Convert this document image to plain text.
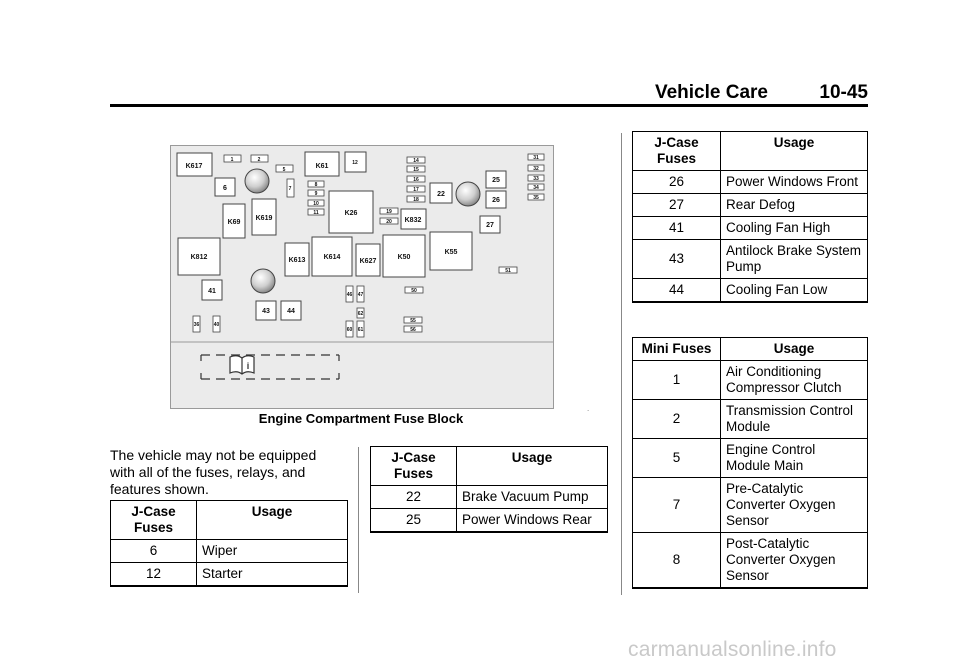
Vehicle Care	10-45
K617	K61
K26
K69
K619
K812	K613	K614
K627
K50
K55
K832
6
22
25
26
27
41
43 44
12
1	2
5
7
8
9
10
11
14
15
16
17
18
19
20
31
32
33
34
35
36	40
46 47
50
51
55
56
60 61
62
i
Engine Compartment Fuse Block
.
The vehicle may not be equipped with all of the fuses, relays, and features shown.
J-Case Fuses	Usage
6	Wiper
12	Starter
J-Case Fuses	Usage
22	Brake Vacuum Pump
25	Power Windows Rear
J-Case Fuses	Usage
26	Power Windows Front
27	Rear Defog
41	Cooling Fan High
43	Antilock Brake System Pump
44	Cooling Fan Low
Mini Fuses	Usage
1	Air Conditioning Compressor Clutch
2	Transmission Control Module
5	Engine Control Module Main
7	Pre-Catalytic Converter Oxygen Sensor
8	Post-Catalytic Converter Oxygen Sensor
carmanualsonline.info
